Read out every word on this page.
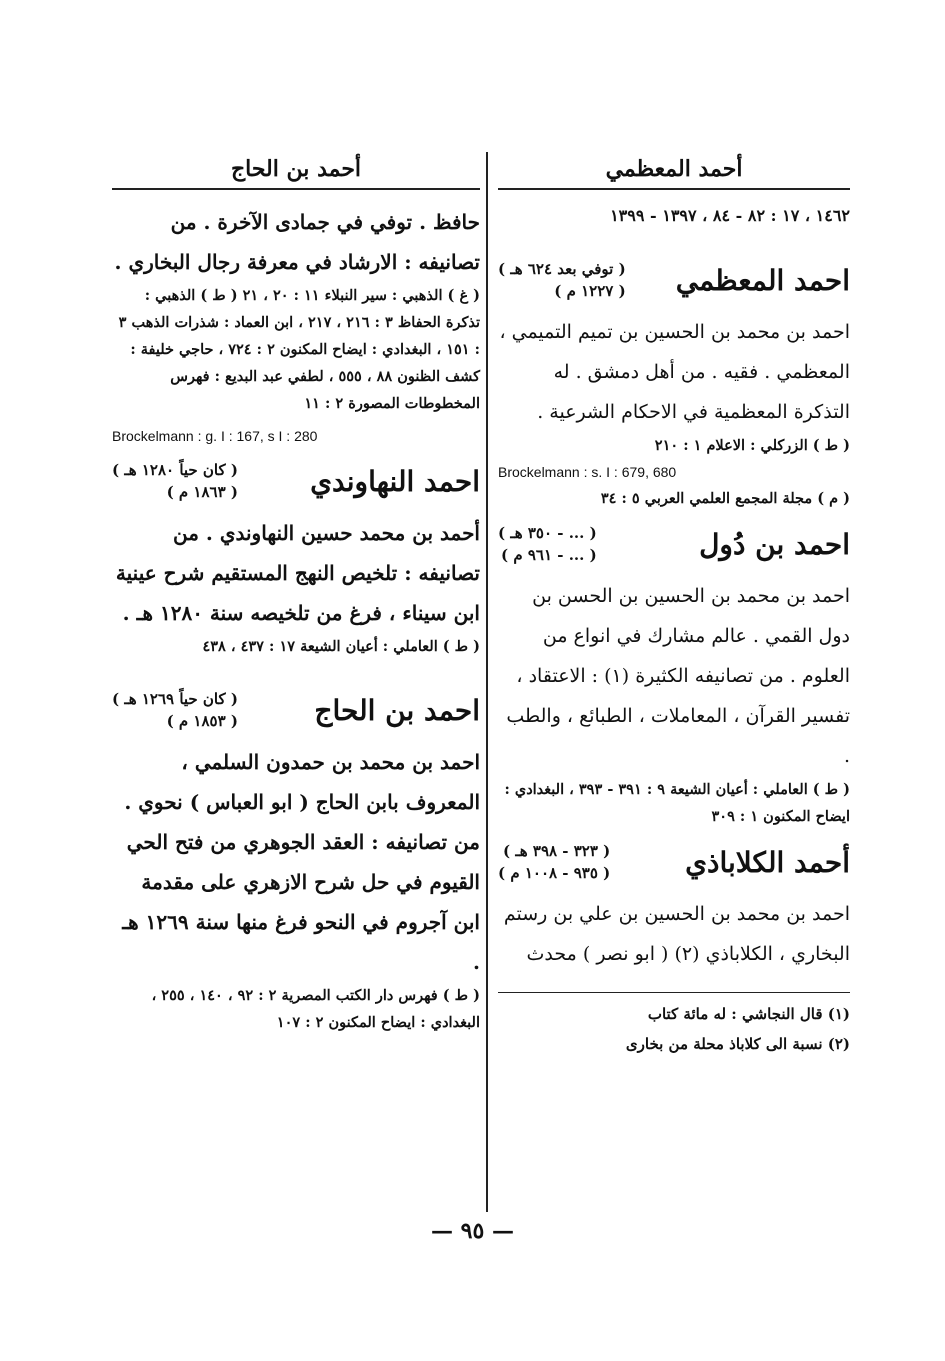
أحمد المعظمي
١٤٦٢ ، ١٧ : ٨٢ - ٨٤ ، ١٣٩٧ - ١٣٩٩
احمد المعظمي
( توفي بعد ٦٢٤ هـ )
( ١٢٢٧ م )
احمد بن محمد بن الحسين بن تميم التميمي ، المعظمي . فقيه . من أهل دمشق . له التذكرة المعظمية في الاحكام الشرعية .
( ط ) الزركلي : الاعلام ١ : ٢١٠
Brockelmann : s. I : 679, 680
( م ) مجلة المجمع العلمي العربي ٥ : ٣٤
احمد بن دُول
( ... - ٣٥٠ هـ )
( ... - ٩٦١ م )
احمد بن محمد بن الحسين بن الحسن بن دول القمي . عالم مشارك في انواع من العلوم . من تصانيفه الكثيرة (١) : الاعتقاد ، تفسير القرآن ، المعاملات ، الطبائع ، والطب .
( ط ) العاملي : أعيان الشيعة ٩ : ٣٩١ - ٣٩٣ ، البغدادي : ايضاح المكنون ١ : ٣٠٩
أحمد الكلاباذي
( ٣٢٣ - ٣٩٨ هـ )
( ٩٣٥ - ١٠٠٨ م )
احمد بن محمد بن الحسين بن علي بن رستم البخاري ، الكلاباذي (٢) ( ابو نصر ) محدث
(١) قال النجاشي : له مائة كتاب
(٢) نسبة الى كلاباذ محلة من بخارى
أحمد بن الحاج
حافظ . توفي في جمادى الآخرة . من تصانيفه : الارشاد في معرفة رجال البخاري .
( غ ) الذهبي : سير النبلاء ١١ : ٢٠ ، ٢١ ( ط ) الذهبي : تذكرة الحفاظ ٣ : ٢١٦ ، ٢١٧ ، ابن العماد : شذرات الذهب ٣ : ١٥١ ، البغدادي : ايضاح المكنون ٢ : ٧٢٤ ، حاجي خليفة : كشف الظنون ٨٨ ، ٥٥٥ ، لطفي عبد البديع : فهرس المخطوطات المصورة ٢ : ١١
Brockelmann : g. I : 167, s I : 280
احمد النهاوندي
( كان حياً ١٢٨٠ هـ )
( ١٨٦٣ م )
أحمد بن محمد حسين النهاوندي . من تصانيفه : تلخيص النهج المستقيم شرح عينية ابن سيناء ، فرغ من تلخيصه سنة ١٢٨٠ هـ .
( ط ) العاملي : أعيان الشيعة ١٧ : ٤٣٧ ، ٤٣٨
احمد بن الحاج
( كان حياً ١٢٦٩ هـ )
( ١٨٥٣ م )
احمد بن محمد بن حمدون السلمي ، المعروف بابن الحاج ( ابو العباس ) نحوي . من تصانيفه : العقد الجوهري من فتح الحي القيوم في حل شرح الازهري على مقدمة ابن آجروم في النحو فرغ منها سنة ١٢٦٩ هـ .
( ط ) فهرس دار الكتب المصرية ٢ : ٩٢ ، ١٤٠ ، ٢٥٥ ، البغدادي : ايضاح المكنون ٢ : ١٠٧
— ٩٥ —
